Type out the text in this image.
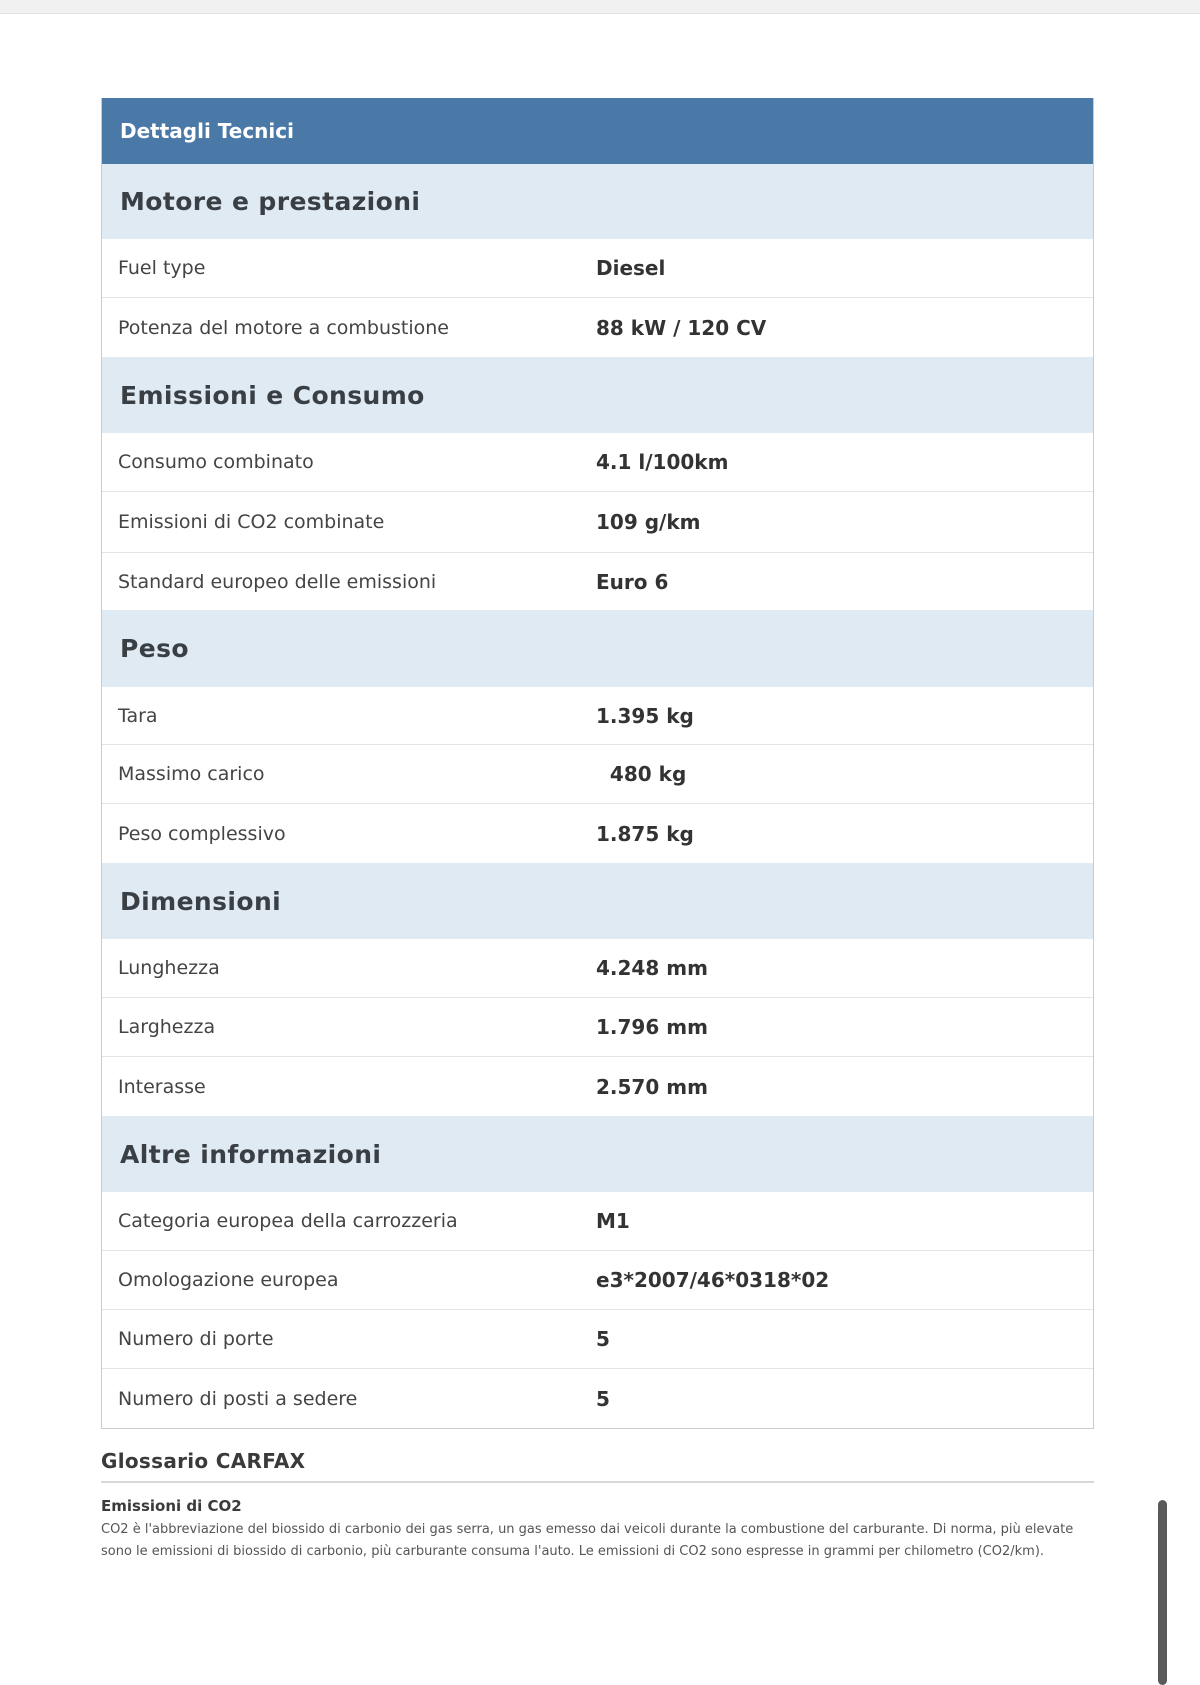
Dettagli Tecnici
Motore e prestazioni
Fuel type	Diesel
Potenza del motore a combustione	88 kW / 120 CV
Emissioni e Consumo
Consumo combinato	4.1 l/100km
Emissioni di CO2 combinate	109 g/km
Standard europeo delle emissioni	Euro 6
Peso
Tara	1.395 kg
Massimo carico	480 kg
Peso complessivo	1.875 kg
Dimensioni
Lunghezza	4.248 mm
Larghezza	1.796 mm
Interasse	2.570 mm
Altre informazioni
Categoria europea della carrozzeria	M1
Omologazione europea	e3*2007/46*0318*02
Numero di porte	5
Numero di posti a sedere	5
Glossario CARFAX
Emissioni di CO2
CO2 è l'abbreviazione del biossido di carbonio dei gas serra, un gas emesso dai veicoli durante la combustione del carburante. Di norma, più elevate sono le emissioni di biossido di carbonio, più carburante consuma l'auto. Le emissioni di CO2 sono espresse in grammi per chilometro (CO2/km).
